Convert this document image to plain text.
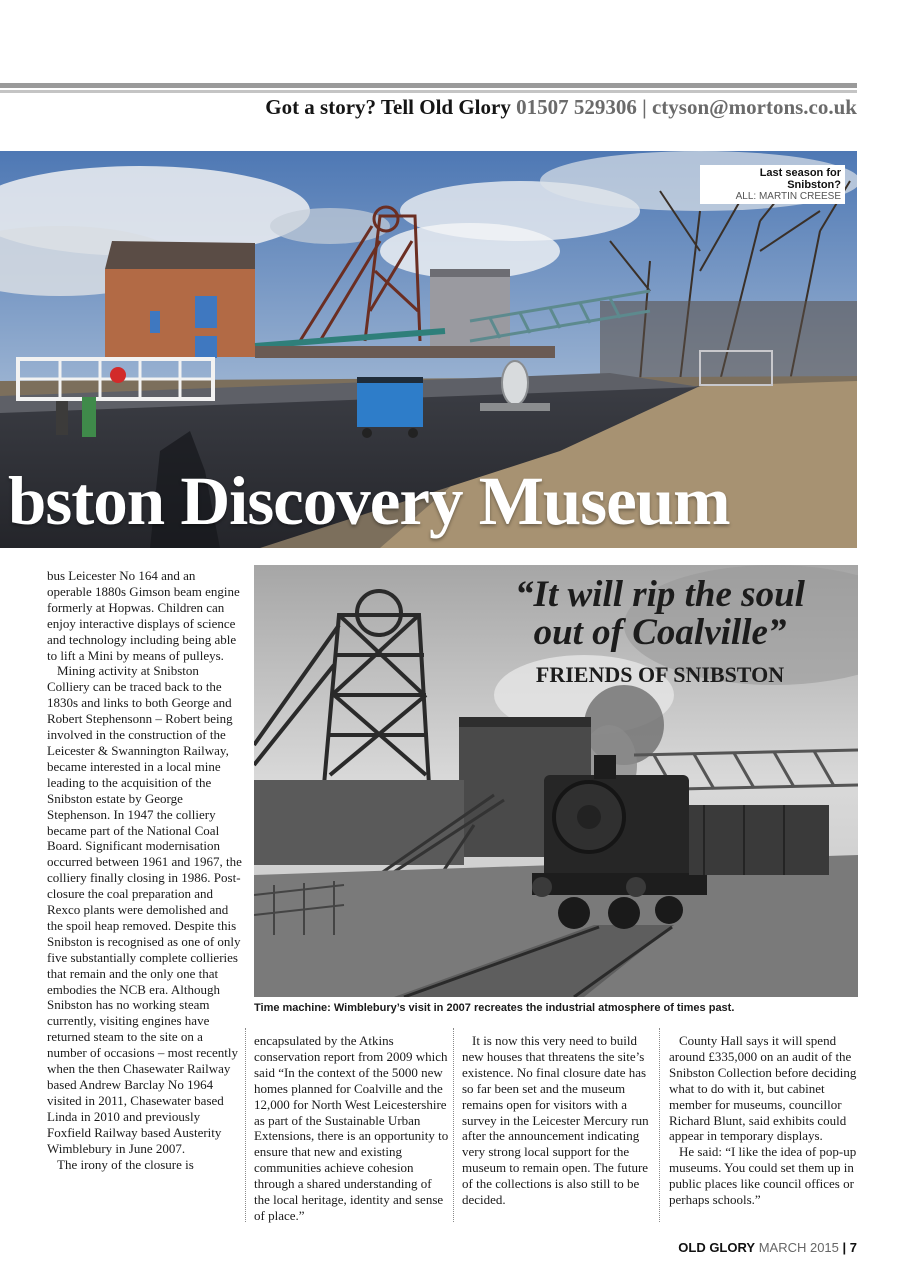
Got a story? Tell Old Glory 01507 529306 | ctyson@mortons.co.uk
bston Discovery Museum
Last season for Snibston?
ALL: MARTIN CREESE

bus Leicester No 164 and an operable 1880s Gimson beam engine formerly at Hopwas. Children can enjoy interactive displays of science and technology including being able to lift a Mini by means of pulleys.

Mining activity at Snibston Colliery can be traced back to the 1830s and links to both George and Robert Stephensonn – Robert being involved in the construction of the Leicester & Swannington Railway, became interested in a local mine leading to the acquisition of the Snibston estate by George Stephenson. In 1947 the colliery became part of the National Coal Board. Significant modernisation occurred between 1961 and 1967, the colliery finally closing in 1986. Post-closure the coal preparation and Rexco plants were demolished and the spoil heap removed. Despite this Snibston is recognised as one of only five substantially complete collieries that remain and the only one that embodies the NCB era. Although Snibston has no working steam currently, visiting engines have returned steam to the site on a number of occasions – most recently when the then Chasewater Railway based Andrew Barclay No 1964 visited in 2011, Chasewater based Linda in 2010 and previously Foxfield Railway based Austerity Wimblebury in June 2007.

The irony of the closure is

“It will rip the soul out of Coalville”
FRIENDS OF SNIBSTON
Time machine: Wimblebury’s visit in 2007 recreates the industrial atmosphere of times past.

encapsulated by the Atkins conservation report from 2009 which said “In the context of the 5000 new homes planned for Coalville and the 12,000 for North West Leicestershire as part of the Sustainable Urban Extensions, there is an opportunity to ensure that new and existing communities achieve cohesion through a shared understanding of the local heritage, identity and sense of place.”

It is now this very need to build new houses that threatens the site’s existence. No final closure date has so far been set and the museum remains open for visitors with a survey in the Leicester Mercury run after the announcement indicating very strong local support for the museum to remain open. The future of the collections is also still to be decided.

County Hall says it will spend around £335,000 on an audit of the Snibston Collection before deciding what to do with it, but cabinet member for museums, councillor Richard Blunt, said exhibits could appear in temporary displays.

He said: “I like the idea of pop-up museums. You could set them up in public places like council offices or perhaps schools.”

OLD GLORY MARCH 2015 | 7
